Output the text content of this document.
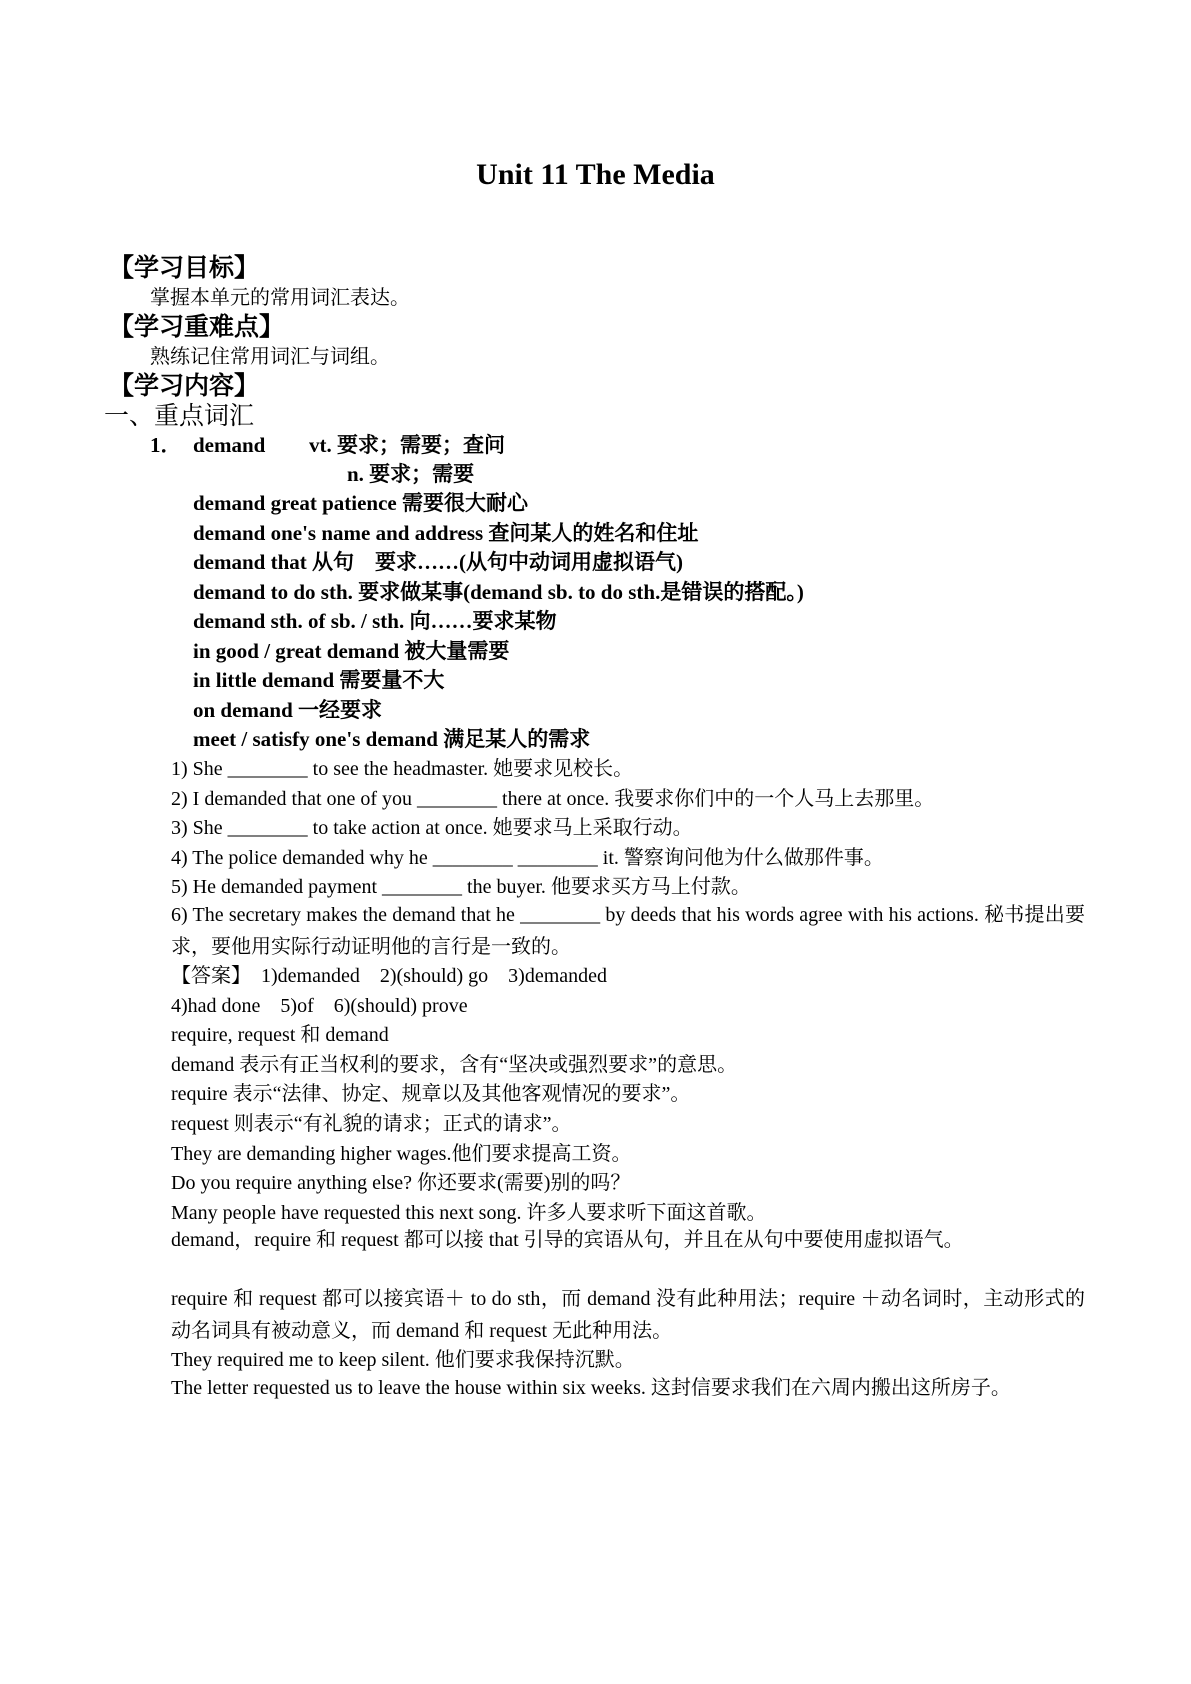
Unit 11 The Media
【学习目标】
掌握本单元的常用词汇表达。
【学习重难点】
熟练记住常用词汇与词组。
【学习内容】
一、重点词汇
1． demand vt. 要求；需要；查问
n. 要求；需要
demand great patience 需要很大耐心
demand one's name and address 查问某人的姓名和住址
demand that 从句　要求……(从句中动词用虚拟语气)
demand to do sth. 要求做某事(demand sb. to do sth.是错误的搭配。)
demand sth. of sb. / sth. 向……要求某物
in good / great demand 被大量需要
in little demand 需要量不大
on demand 一经要求
meet / satisfy one's demand 满足某人的需求
1) She ________ to see the headmaster. 她要求见校长。
2) I demanded that one of you ________ there at once. 我要求你们中的一个人马上去那里。
3) She ________ to take action at once. 她要求马上采取行动。
4) The police demanded why he ________ ________ it. 警察询问他为什么做那件事。
5) He demanded payment ________ the buyer. 他要求买方马上付款。
6) The secretary makes the demand that he ________ by deeds that his words agree with his actions. 秘书提出要求，要他用实际行动证明他的言行是一致的。
【答案】　1)demanded　2)(should) go　3)demanded
4)had done　5)of　6)(should) prove
require, request 和 demand
demand 表示有正当权利的要求，含有“坚决或强烈要求”的意思。
require 表示“法律、协定、规章以及其他客观情况的要求”。
request 则表示“有礼貌的请求；正式的请求”。
They are demanding higher wages.他们要求提高工资。
Do you require anything else? 你还要求(需要)别的吗？
Many people have requested this next song. 许多人要求听下面这首歌。
demand，require 和 request 都可以接 that 引导的宾语从句，并且在从句中要使用虚拟语气。
require 和 request 都可以接宾语＋ to do sth，而 demand 没有此种用法；require ＋动名词时，主动形式的动名词具有被动意义，而 demand 和 request 无此种用法。
They required me to keep silent. 他们要求我保持沉默。
The letter requested us to leave the house within six weeks. 这封信要求我们在六周内搬出这所房子。
